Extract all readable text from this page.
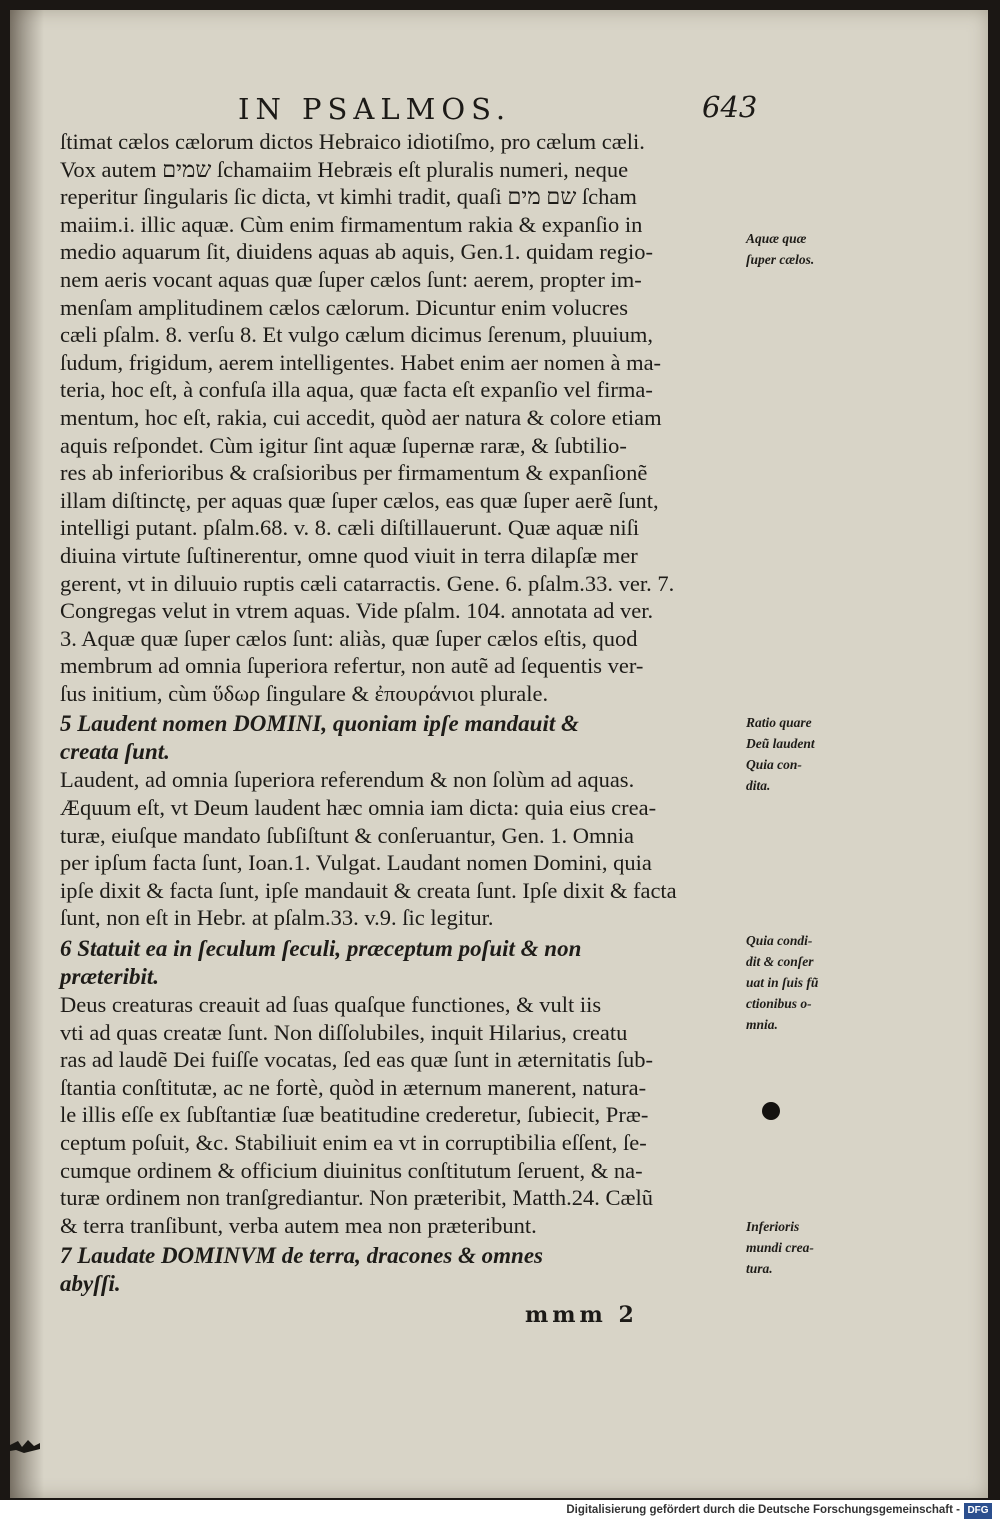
IN PSALMOS.	643
ſtimat cælos cælorum dictos Hebraico idiotiſmo, pro cælum cæli.
Vox autem שמים ſchamaiim Hebræis eſt pluralis numeri, neque
reperitur ſingularis ſic dicta, vt kimhi tradit, quaſi שם מים ſcham
maiim.i. illic aquæ. Cùm enim firmamentum rakia & expanſio in
medio aquarum ſit, diuidens aquas ab aquis, Gen.1. quidam regio-
nem aeris vocant aquas quæ ſuper cælos ſunt: aerem, propter im-
menſam amplitudinem cælos cælorum. Dicuntur enim volucres
cæli pſalm. 8. verſu 8. Et vulgo cælum dicimus ſerenum, pluuium,
ſudum, frigidum, aerem intelligentes. Habet enim aer nomen à ma-
teria, hoc eſt, à confuſa illa aqua, quæ facta eſt expanſio vel firma-
mentum, hoc eſt, rakia, cui accedit, quòd aer natura & colore etiam
aquis reſpondet. Cùm igitur ſint aquæ ſupernæ raræ, & ſubtilio-
res ab inferioribus & craſsioribus per firmamentum & expanſionẽ
illam diſtinctę, per aquas quæ ſuper cælos, eas quæ ſuper aerẽ ſunt,
intelligi putant. pſalm.68. v. 8. cæli diſtillauerunt. Quæ aquæ niſi
diuina virtute ſuſtinerentur, omne quod viuit in terra dilapſæ mer
gerent, vt in diluuio ruptis cæli catarractis. Gene. 6. pſalm.33. ver. 7.
Congregas velut in vtrem aquas. Vide pſalm. 104. annotata ad ver.
3. Aquæ quæ ſuper cælos ſunt: aliàs, quæ ſuper cælos eſtis, quod
membrum ad omnia ſuperiora refertur, non autẽ ad ſequentis ver-
ſus initium, cùm ὕδωρ ſingulare & ἐπουράνιοι plurale.
5 Laudent nomen DOMINI, quoniam ipſe mandauit &
creata ſunt.
Laudent, ad omnia ſuperiora referendum & non ſolùm ad aquas.
Æquum eſt, vt Deum laudent hæc omnia iam dicta: quia eius crea-
turæ, eiuſque mandato ſubſiſtunt & conſeruantur, Gen. 1. Omnia
per ipſum facta ſunt, Ioan.1. Vulgat. Laudant nomen Domini, quia
ipſe dixit & facta ſunt, ipſe mandauit & creata ſunt. Ipſe dixit & facta
ſunt, non eſt in Hebr. at pſalm.33. v.9. ſic legitur.
6 Statuit ea in ſeculum ſeculi, præceptum poſuit & non
præteribit.
Deus creaturas creauit ad ſuas quaſque functiones, & vult iis
vti ad quas creatæ ſunt. Non diſſolubiles, inquit Hilarius, creatu
ras ad laudẽ Dei fuiſſe vocatas, ſed eas quæ ſunt in æternitatis ſub-
ſtantia conſtitutæ, ac ne fortè, quòd in æternum manerent, natura-
le illis eſſe ex ſubſtantiæ ſuæ beatitudine crederetur, ſubiecit, Præ-
ceptum poſuit, &c. Stabiliuit enim ea vt in corruptibilia eſſent, ſe-
cumque ordinem & officium diuinitus conſtitutum ſeruent, & na-
turæ ordinem non tranſgrediantur. Non præteribit, Matth.24. Cælũ
& terra tranſibunt, verba autem mea non præteribunt.
7 Laudate DOMINVM de terra, dracones & omnes
abyſſi.
Aquæ quæ
ſuper cælos.
Ratio quare
Deũ laudent
Quia con-
dita.
Quia condi-
dit & conſer
uat in ſuis fũ
ctionibus o-
mnia.
Inferioris
mundi crea-
tura.
mmm 2
Digitalisierung gefördert durch die Deutsche Forschungsgemeinschaft - DFG
